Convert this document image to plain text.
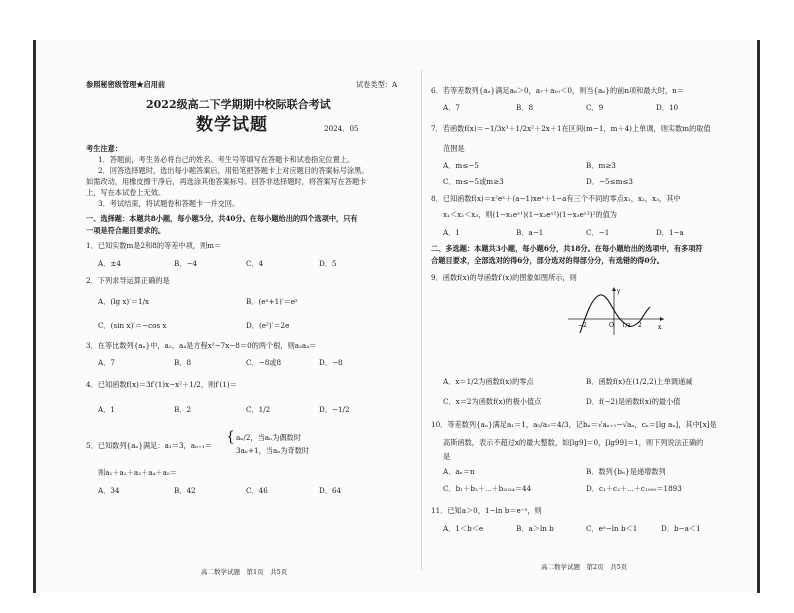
参照秘密级管理★启用前	试卷类型：A
2022级高二下学期期中校际联合考试
数学试题	2024．05
考生注意：
1．答题前，考生务必将自己的姓名、考生号等填写在答题卡和试卷指定位置上。
2．回答选择题时，选出每小题答案后，用铅笔把答题卡上对应题目的答案标号涂黑。
如需改动，用橡皮擦干净后，再选涂其他答案标号。回答非选择题时，将答案写在答题卡
上，写在本试卷上无效。
3．考试结束，将试题卷和答题卡一并交回。
一、选择题：本题共8小题，每小题5分，共40分。在每小题给出的四个选项中，只有
一项是符合题目要求的。
1．已知实数m是2和8的等差中项，则m＝
A．±4	B．−4	C．4	D．5
2．下列求导运算正确的是
A．(lg x)′＝1/x	B．(eˣ+1)′＝eˣ
C．(sin x)′＝−cos x	D．(e²)′＝2e
3．在等比数列{aₙ}中，a₂，a₄是方程x²−7x−8＝0的两个根，则a₂a₄＝
A．7	B．8	C．−8或8	D．−8
4．已知函数f(x)＝3f′(1)x−x²＋1/2，则f′(1)＝
A．1	B．2	C．1/2	D．−1/2
5．已知数列{aₙ}满足：a₁＝3，aₙ₊₁＝
{ aₙ/2，当aₙ为偶数时
3aₙ+1，当aₙ为奇数时
则a₁＋a₂＋a₃＋a₄＋a₅＝
A．34	B．42	C．46	D．64
高二数学试题　第1页　共5页
6．若等差数列{aₙ}满足a₈＞0，a₇＋a₁₀＜0，则当{aₙ}的前n项和最大时，n＝
A．7	B．8	C．9	D．10
7．若函数f(x)＝−1/3x³＋1/2x²＋2x＋1在区间(m−1，m＋4)上单调，则实数m的取值
范围是
A．m≤−5	B．m≥3
C．m≤−5或m≥3	D．−5≤m≤3
8．已知函数f(x)＝x²eˣ＋(a−1)xeˣ＋1−a有三个不同的零点x₁，x₂，x₃，其中
x₁＜x₂＜x₃，则(1−x₁eˣ¹)(1−x₂eˣ²)(1−x₃eˣ³)²的值为
A．1	B．a−1	C．−1	D．1−a
二、多选题：本题共3小题，每小题6分，共18分。在每小题给出的选项中，有多项符
合题目要求，全部选对的得6分，部分选对的得部分分，有选错的得0分。
9．函数f(x)的导函数f′(x)的图象如图所示，则
y
x
−2	O 1/2 2
A．x＝1/2为函数f(x)的零点	B．函数f(x)在(1/2,2)上单调递减
C．x＝2为函数f(x)的极小值点	D．f(−2)是函数f(x)的最小值
10．等差数列{aₙ}满足a₁＝1，a₅/a₃＝4/3，记bₙ＝√aₙ₊₁−√aₙ，cₙ＝[lg aₙ]，其中[x]是
高斯函数，表示不超过x的最大整数，如[lg9]＝0，[lg99]＝1，则下列说法正确的
是
A．aₙ＝n	B．数列{bₙ}是递增数列
C．b₁＋b₂＋⋯＋b₂₀₂₄＝44	D．c₁＋c₂＋⋯＋c₁₀₀₀＝1893
11．已知a＞0，1−ln b＝e⁻ᵃ，则
A．1＜b＜e	B．a＞ln b	C．eᵃ−ln b＜1	D．b−a＜1
高二数学试题　第2页　共5页
